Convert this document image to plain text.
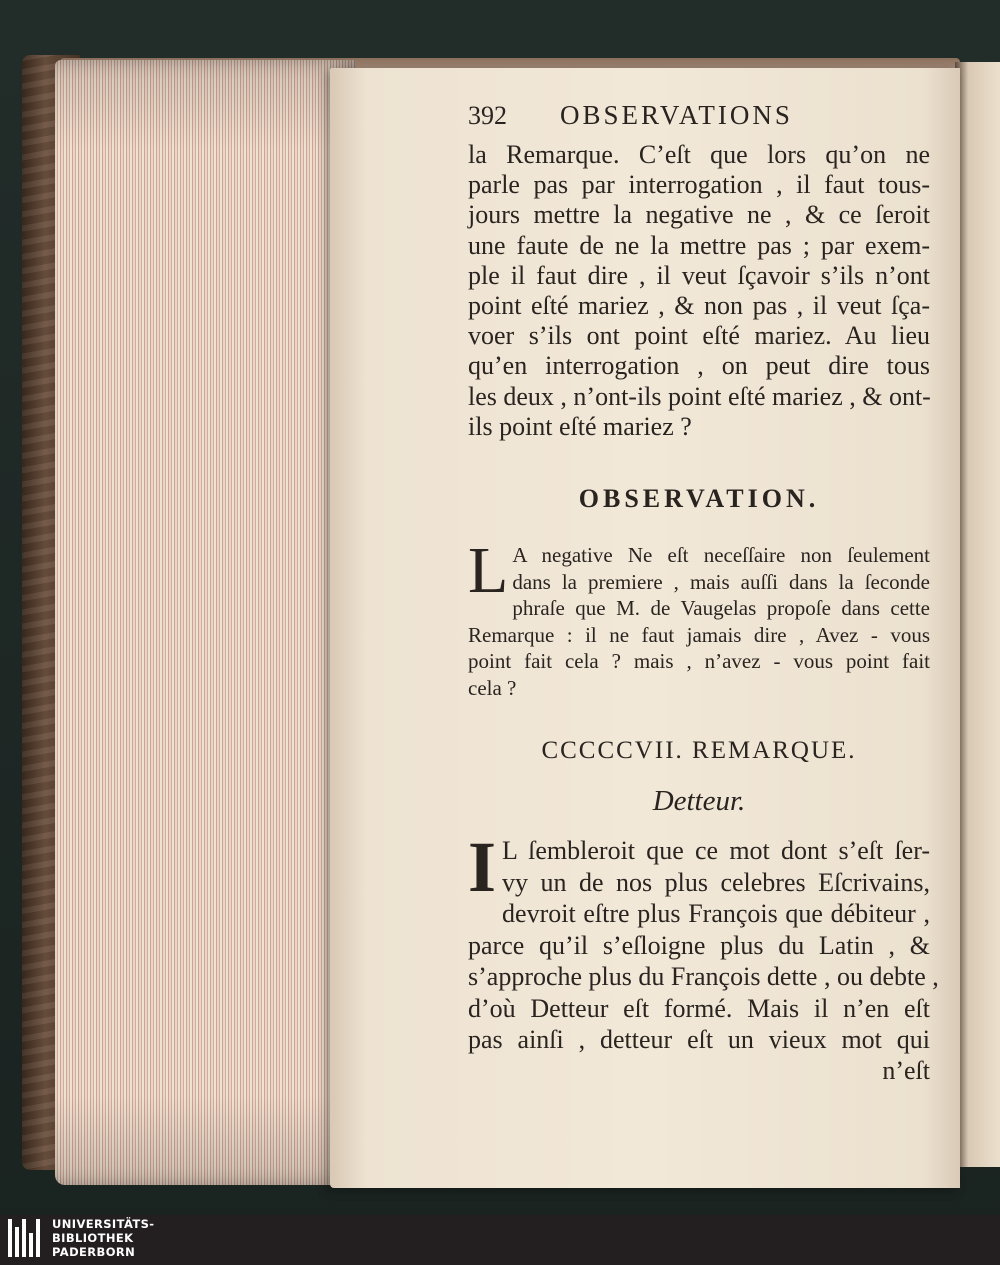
392	OBSERVATIONS
la Remarque. C’eſt que lors qu’on ne
parle pas par interrogation , il faut tous-
jours mettre la negative ne , & ce ſeroit
une faute de ne la mettre pas ; par exem-
ple il faut dire , il veut ſçavoir s’ils n’ont
point eſté mariez , & non pas , il veut ſça-
voer s’ils ont point eſté mariez. Au lieu
qu’en interrogation , on peut dire tous
les deux , n’ont-ils point eſté mariez , & ont-
ils point eſté mariez ?
OBSERVATION.
L A negative Ne eſt neceſſaire non ſeulement
dans la premiere , mais auſſi dans la ſeconde
phraſe que M. de Vaugelas propoſe dans cette
Remarque : il ne faut jamais dire , Avez - vous
point fait cela ? mais , n’avez - vous point fait
cela ?
CCCCCVII. REMARQUE.
Detteur.
I L ſembleroit que ce mot dont s’eſt ſer-
vy un de nos plus celebres Eſcrivains,
devroit eſtre plus François que débiteur ,
parce qu’il s’eſloigne plus du Latin , &
s’approche plus du François dette , ou debte ,
d’où Detteur eſt formé. Mais il n’en eſt
pas ainſi , detteur eſt un vieux mot qui
n’eſt
UNIVERSITÄTS-
BIBLIOTHEK
PADERBORN
